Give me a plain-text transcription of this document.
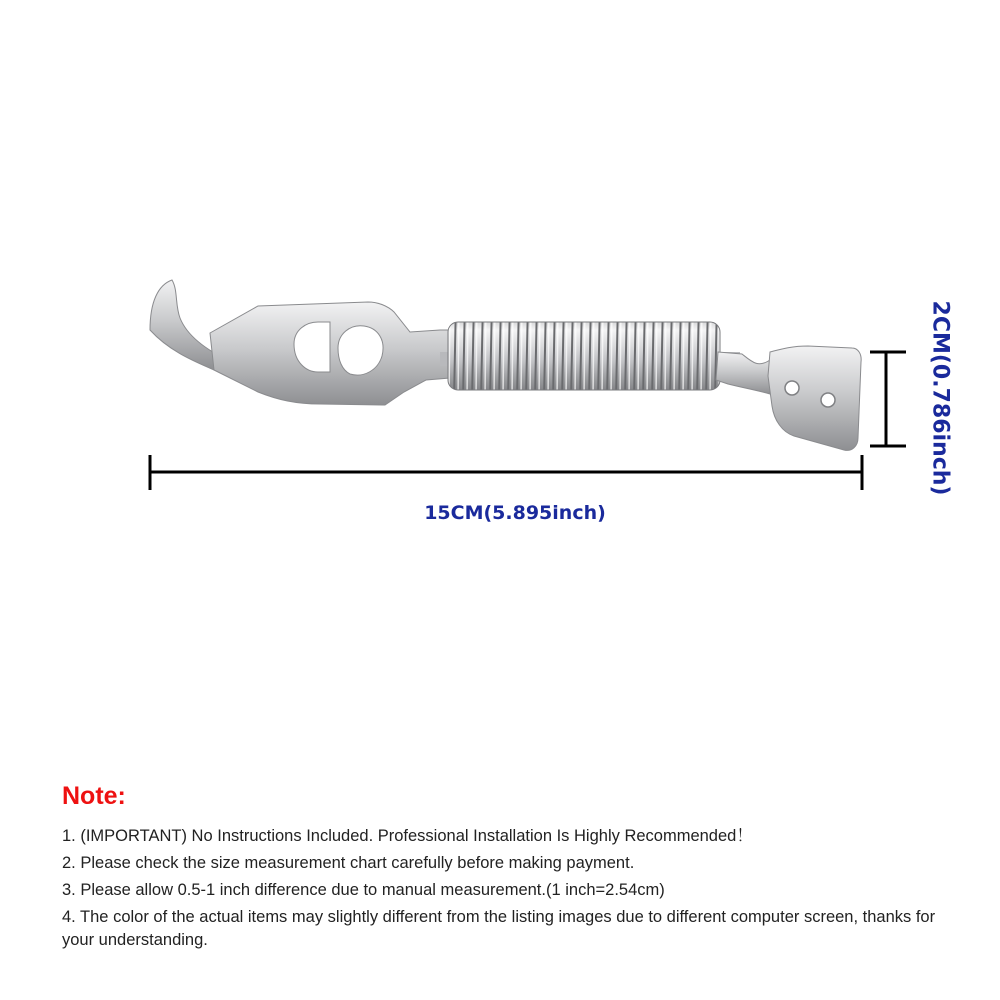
15CM(5.895inch)
2CM(0.786inch)
Note:
1. (IMPORTANT) No Instructions Included. Professional Installation Is Highly Recommended！
2. Please check the size measurement chart carefully before making payment.
3. Please allow 0.5-1 inch difference due to manual measurement.(1 inch=2.54cm)
4. The color of the actual items may slightly different from the listing images due to different computer screen, thanks for your understanding.
